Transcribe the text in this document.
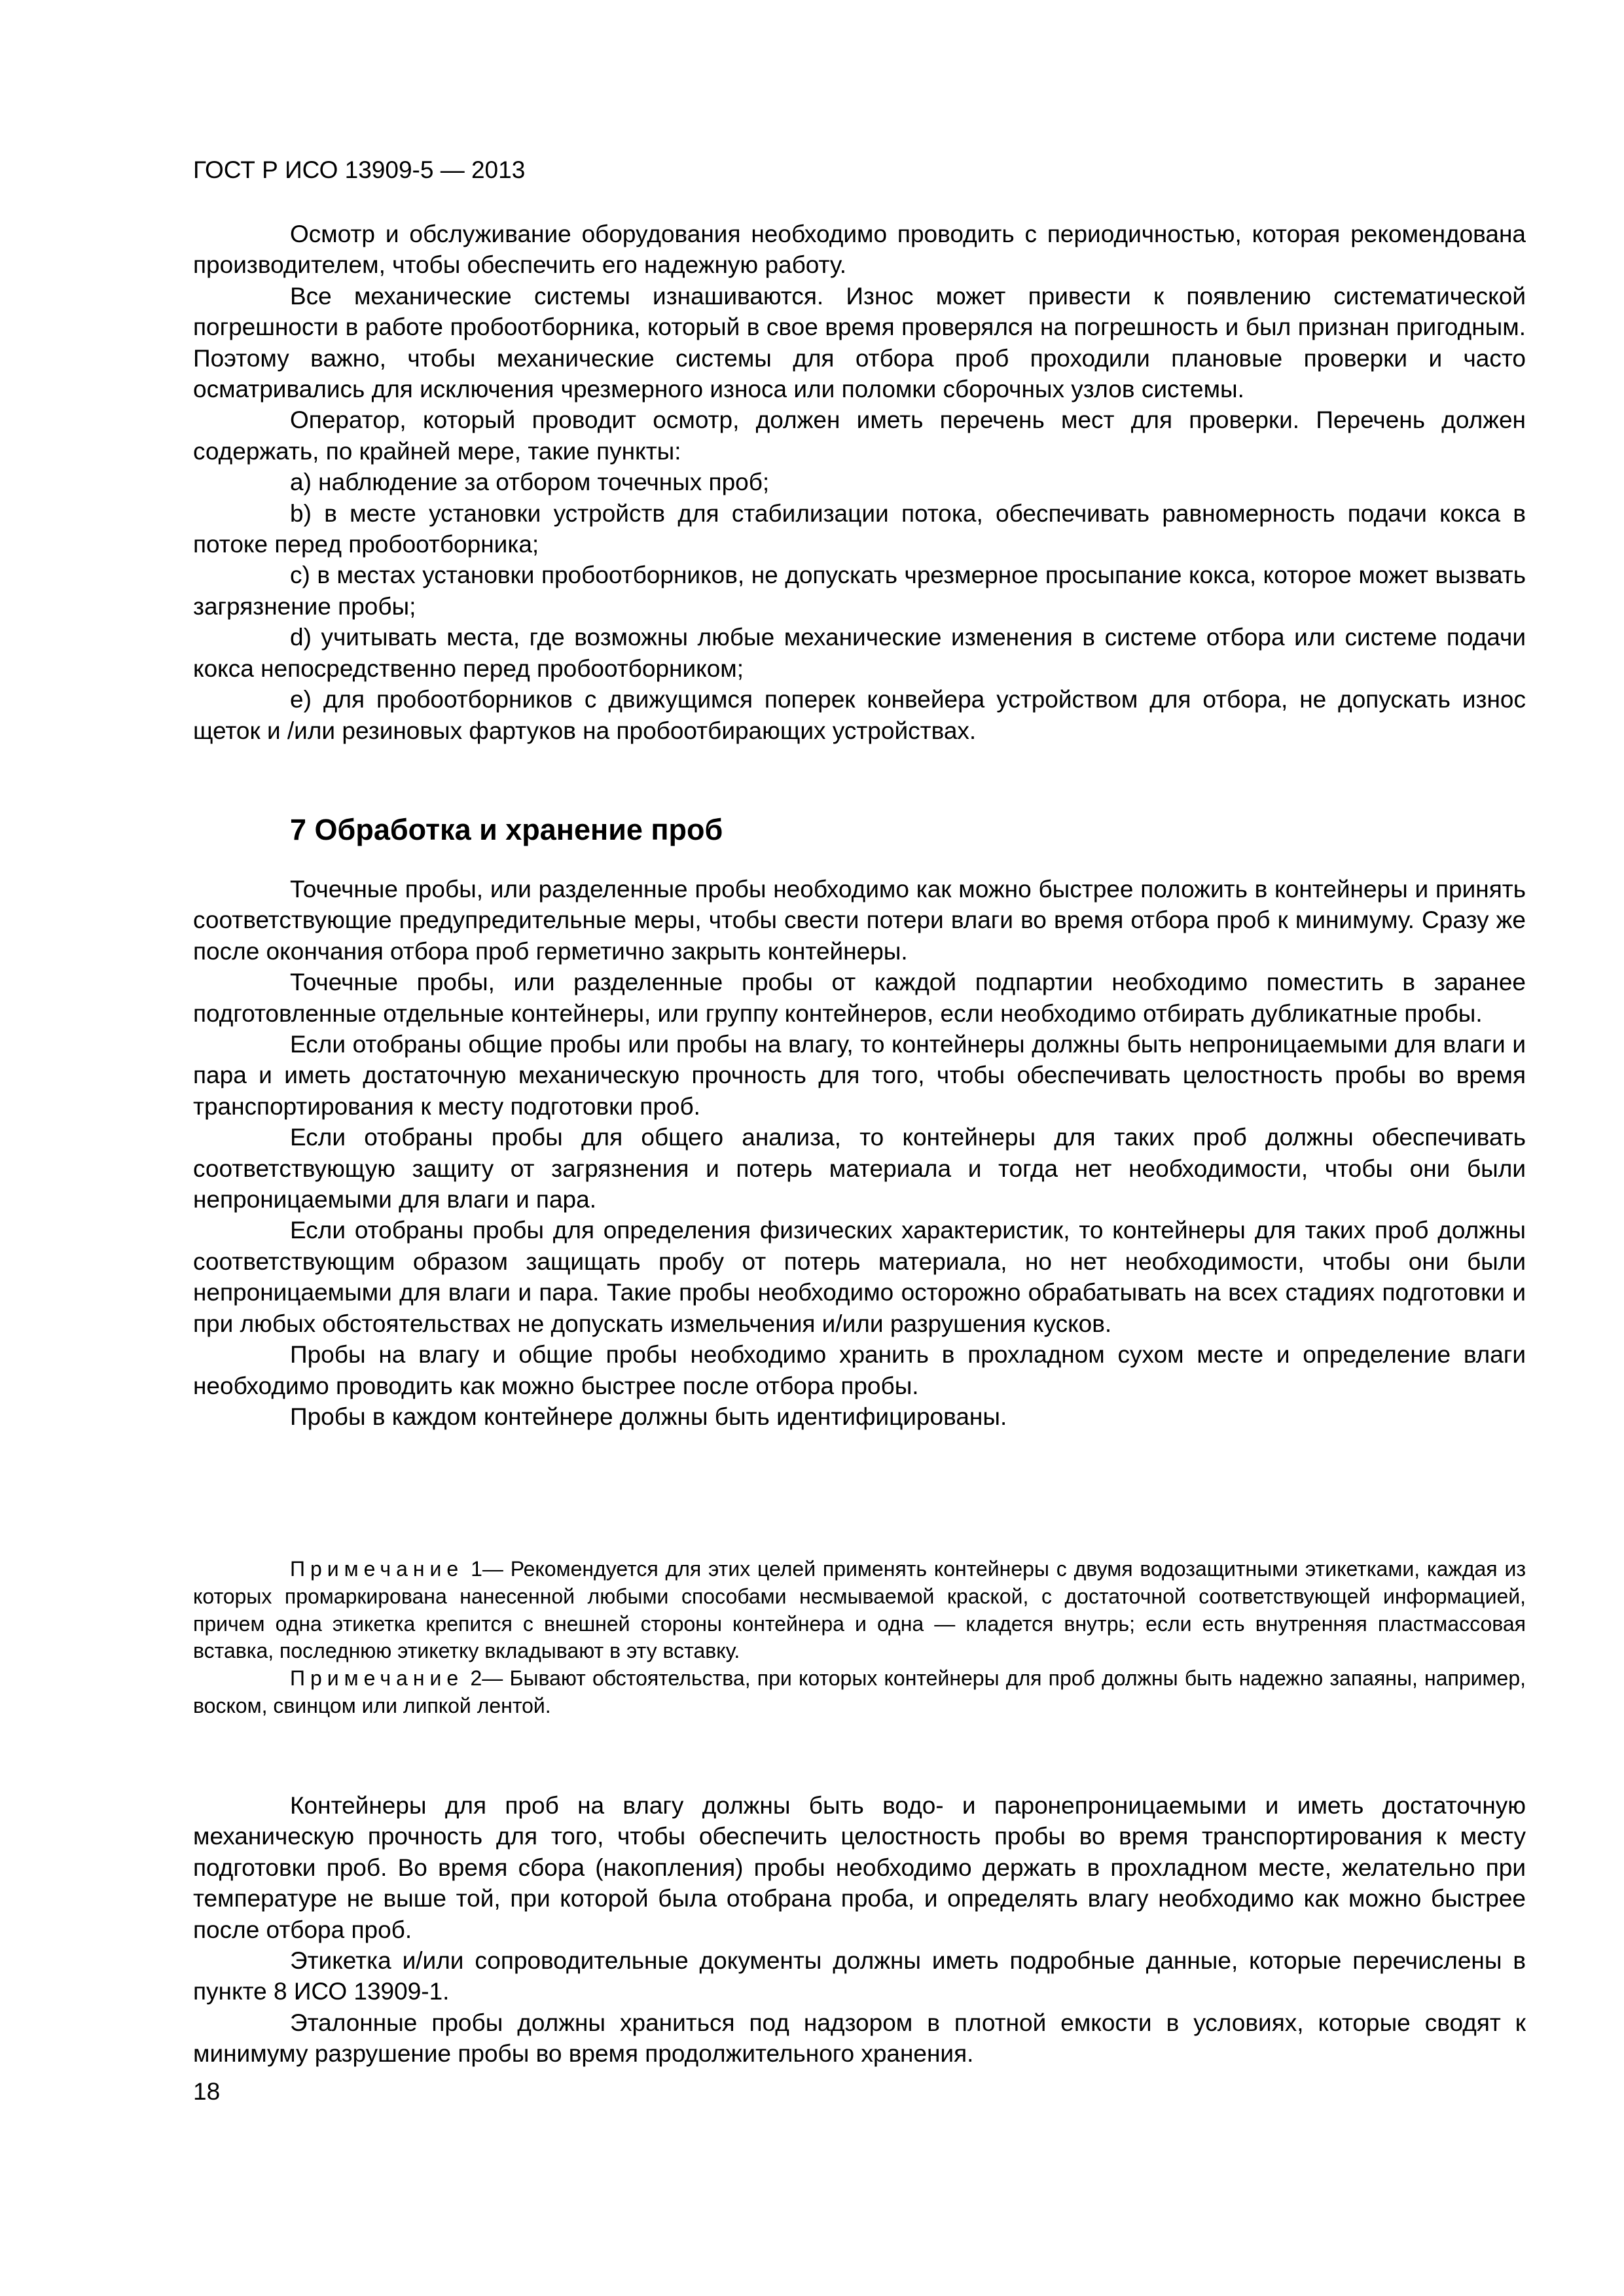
ГОСТ Р ИСО 13909-5 — 2013

Осмотр и обслуживание оборудования необходимо проводить с периодичностью, которая рекомендована производителем, чтобы обеспечить его надежную работу.

Все механические системы изнашиваются. Износ может привести к появлению систематической погрешности в работе пробоотборника, который в свое время проверялся на погрешность и был признан пригодным. Поэтому важно, чтобы механические системы для отбора проб проходили плановые проверки и часто осматривались для исключения чрезмерного износа или поломки сборочных узлов системы.

Оператор, который проводит осмотр, должен иметь перечень мест для проверки. Перечень должен содержать, по крайней мере, такие пункты:

а) наблюдение за отбором точечных проб;

b) в месте установки устройств для стабилизации потока, обеспечивать равномерность подачи кокса в потоке перед пробоотборника;

с) в местах установки пробоотборников, не допускать чрезмерное просыпание кокса, которое может вызвать загрязнение пробы;

d) учитывать места, где возможны любые механические изменения в системе отбора или системе подачи кокса непосредственно перед пробоотборником;

е) для пробоотборников с движущимся поперек конвейера устройством для отбора, не допускать износ щеток и /или резиновых фартуков на пробоотбирающих устройствах.

7 Обработка и хранение проб

Точечные пробы, или разделенные пробы необходимо как можно быстрее положить в контейнеры и принять соответствующие предупредительные меры, чтобы свести потери влаги во время отбора проб к минимуму. Сразу же после окончания отбора проб герметично закрыть контейнеры.

Точечные пробы, или разделенные пробы от каждой подпартии необходимо поместить в заранее подготовленные отдельные контейнеры, или группу контейнеров, если необходимо отбирать дубликатные пробы.

Если отобраны общие пробы или пробы на влагу, то контейнеры должны быть непроницаемыми для влаги и пара и иметь достаточную механическую прочность для того, чтобы обеспечивать целостность пробы во время транспортирования к месту подготовки проб.

Если отобраны пробы для общего анализа, то контейнеры для таких проб должны обеспечивать соответствующую защиту от загрязнения и потерь материала и тогда нет необходимости, чтобы они были непроницаемыми для влаги и пара.

Если отобраны пробы для определения физических характеристик, то контейнеры для таких проб должны соответствующим образом защищать пробу от потерь материала, но нет необходимости, чтобы они были непроницаемыми для влаги и пара. Такие пробы необходимо осторожно обрабатывать на всех стадиях подготовки и при любых обстоятельствах не допускать измельчения и/или разрушения кусков.

Пробы на влагу и общие пробы необходимо хранить в прохладном сухом месте и определение влаги необходимо проводить как можно быстрее после отбора пробы.

Пробы в каждом контейнере должны быть идентифицированы.

Примечание 1— Рекомендуется для этих целей применять контейнеры с двумя водозащитными этикетками, каждая из которых промаркирована нанесенной любыми способами несмываемой краской, с достаточной соответствующей информацией, причем одна этикетка крепится с внешней стороны контейнера и одна — кладется внутрь; если есть внутренняя пластмассовая вставка, последнюю этикетку вкладывают в эту вставку.

Примечание 2— Бывают обстоятельства, при которых контейнеры для проб должны быть надежно запаяны, например, воском, свинцом или липкой лентой.

Контейнеры для проб на влагу должны быть водо- и паронепроницаемыми и иметь достаточную механическую прочность для того, чтобы обеспечить целостность пробы во время транспортирования к месту подготовки проб. Во время сбора (накопления) пробы необходимо держать в прохладном месте, желательно при температуре не выше той, при которой была отобрана проба, и определять влагу необходимо как можно быстрее после отбора проб.

Этикетка и/или сопроводительные документы должны иметь подробные данные, которые перечислены в пункте 8 ИСО 13909-1.

Эталонные пробы должны храниться под надзором в плотной емкости в условиях, которые сводят к минимуму разрушение пробы во время продолжительного хранения.

18
